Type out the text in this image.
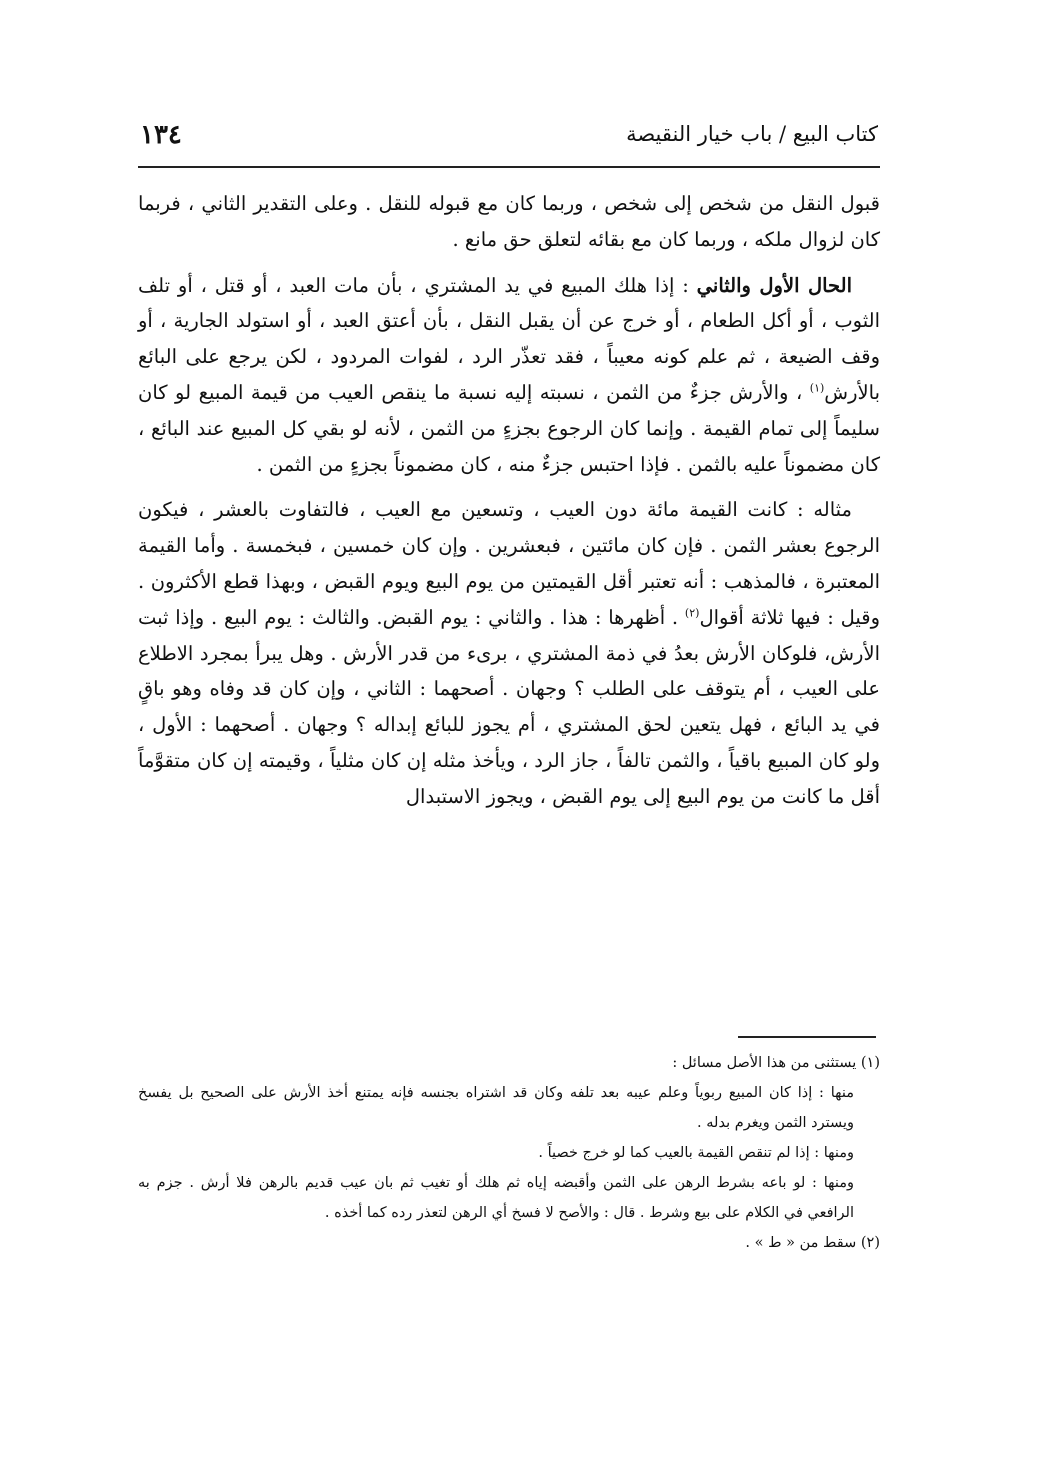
كتاب البيع / باب خيار النقيصة
١٣٤

قبول النقل من شخص إلى شخص ، وربما كان مع قبوله للنقل . وعلى التقدير الثاني ، فربما كان لزوال ملكه ، وربما كان مع بقائه لتعلق حق مانع .

الحال الأول والثاني : إذا هلك المبيع في يد المشتري ، بأن مات العبد ، أو قتل ، أو تلف الثوب ، أو أكل الطعام ، أو خرج عن أن يقبل النقل ، بأن أعتق العبد ، أو استولد الجارية ، أو وقف الضيعة ، ثم علم كونه معيباً ، فقد تعذّر الرد ، لفوات المردود ، لكن يرجع على البائع بالأرش$^{(١)}$ ، والأرش جزءٌ من الثمن ، نسبته إليه نسبة ما ينقص العيب من قيمة المبيع لو كان سليماً إلى تمام القيمة . وإنما كان الرجوع بجزءٍ من الثمن ، لأنه لو بقي كل المبيع عند البائع ، كان مضموناً عليه بالثمن . فإذا احتبس جزءٌ منه ، كان مضموناً بجزءٍ من الثمن .

مثاله : كانت القيمة مائة دون العيب ، وتسعين مع العيب ، فالتفاوت بالعشر ، فيكون الرجوع بعشر الثمن . فإن كان مائتين ، فبعشرين . وإن كان خمسين ، فبخمسة . وأما القيمة المعتبرة ، فالمذهب : أنه تعتبر أقل القيمتين من يوم البيع ويوم القبض ، وبهذا قطع الأكثرون . وقيل : فيها ثلاثة أقوال$^{(٢)}$ . أظهرها : هذا . والثاني : يوم القبض. والثالث : يوم البيع . وإذا ثبت الأرش، فلوكان الأرش بعدُ في ذمة المشتري ، برىء من قدر الأرش . وهل يبرأ بمجرد الاطلاع على العيب ، أم يتوقف على الطلب ؟ وجهان . أصحهما : الثاني ، وإن كان قد وفاه وهو باقٍ في يد البائع ، فهل يتعين لحق المشتري ، أم يجوز للبائع إبداله ؟ وجهان . أصحهما : الأول ، ولو كان المبيع باقياً ، والثمن تالفاً ، جاز الرد ، ويأخذ مثله إن كان مثلياً ، وقيمته إن كان متقوَّماً أقل ما كانت من يوم البيع إلى يوم القبض ، ويجوز الاستبدال

(١) يستثنى من هذا الأصل مسائل :

منها : إذا كان المبيع ربوياً وعلم عيبه بعد تلفه وكان قد اشتراه بجنسه فإنه يمتنع أخذ الأرش على الصحيح بل يفسخ ويسترد الثمن ويغرم بدله .

ومنها : إذا لم تنقص القيمة بالعيب كما لو خرج خصياً .

ومنها : لو باعه بشرط الرهن على الثمن وأقبضه إياه ثم هلك أو تغيب ثم بان عيب قديم بالرهن فلا أرش . جزم به الرافعي في الكلام على بيع وشرط . قال : والأصح لا فسخ أي الرهن لتعذر رده كما أخذه .

(٢) سقط من « ط » .
